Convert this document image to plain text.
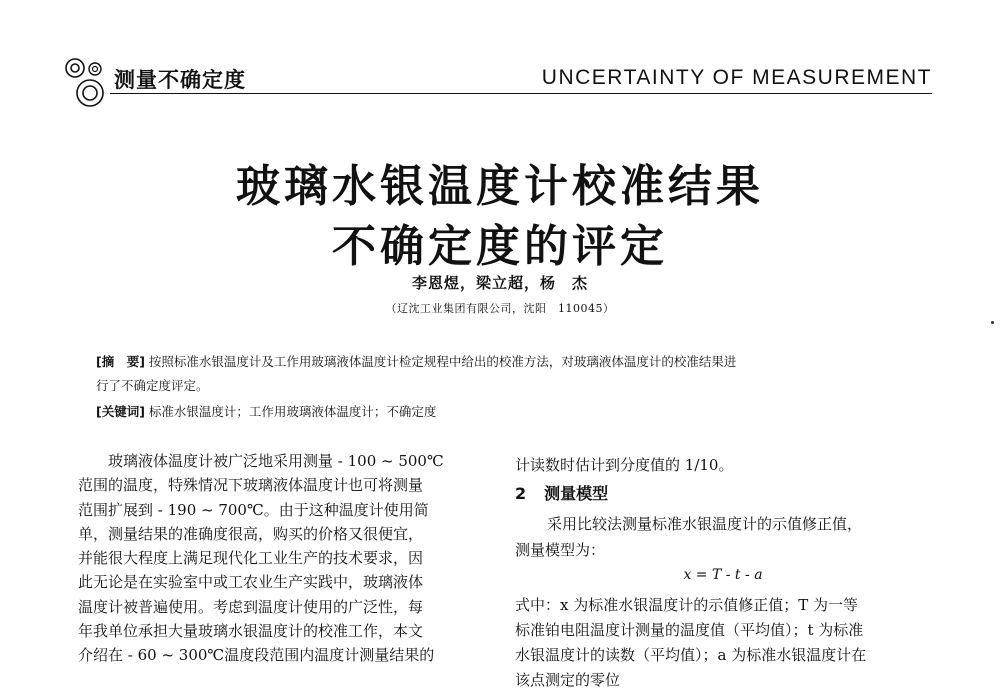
测量不确定度	UNCERTAINTY OF MEASUREMENT
玻璃水银温度计校准结果
不确定度的评定
李恩煜，梁立超，杨　杰
（辽沈工业集团有限公司，沈阳　110045）
[摘　要] 按照标准水银温度计及工作用玻璃液体温度计检定规程中给出的校准方法，对玻璃液体温度计的校准结果进
行了不确定度评定。
[关键词] 标准水银温度计；工作用玻璃液体温度计；不确定度
　　玻璃液体温度计被广泛地采用测量 - 100 ~ 500℃
范围的温度，特殊情况下玻璃液体温度计也可将测量
范围扩展到 - 190 ~ 700℃。由于这种温度计使用简
单，测量结果的准确度很高，购买的价格又很便宜，
并能很大程度上满足现代化工业生产的技术要求，因
此无论是在实验室中或工农业生产实践中，玻璃液体
温度计被普遍使用。考虑到温度计使用的广泛性，每
年我单位承担大量玻璃水银温度计的校准工作，本文
介绍在 - 60 ~ 300℃温度段范围内温度计测量结果的
计读数时估计到分度值的 1/10。
2 测量模型
采用比较法测量标准水银温度计的示值修正值，
测量模型为：
x = T - t - a
式中：x 为标准水银温度计的示值修正值；T 为一等
标准铂电阻温度计测量的温度值（平均值）；t 为标准
水银温度计的读数（平均值）；a 为标准水银温度计在
该点测定的零位
